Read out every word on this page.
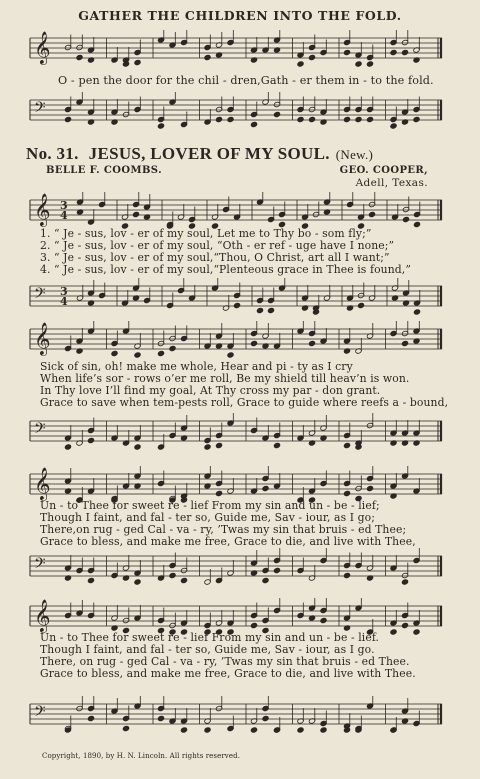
GATHER THE CHILDREN INTO THE FOLD.
𝄞
O - pen the door for the chil - dren,Gath - er them in - to the fold.
𝄢
No. 31. JESUS, LOVER OF MY SOUL. (New.)
BELLE F. COOMBS.	GEO. COOPER,
Adell, Texas.
𝄞 3
4
1. “ Je - sus, lov - er of my soul, Let me to Thy bo - som fly;”
2. “ Je - sus, lov - er of my soul, “Oth - er ref - uge have I none;”
3. “ Je - sus, lov - er of my soul,“Thou, O Christ, art all I want;”
4. “ Je - sus, lov - er of my soul,“Plenteous grace in Thee is found,”
𝄢 3
4
𝄞
Sick of sin, oh! make me whole, Hear and pi - ty as I cry
When life’s sor - rows o’er me roll, Be my shield till heav’n is won.
In Thy love I’ll find my goal, At Thy cross my par - don grant.
Grace to save when tem-pests roll, Grace to guide where reefs a - bound,
𝄢
𝄞
Un - to Thee for sweet re - lief From my sin and un - be - lief;
Though I faint, and fal - ter so, Guide me, Sav - iour, as I go;
There,on rug - ged Cal - va - ry, ’Twas my sin that bruis - ed Thee;
Grace to bless, and make me free, Grace to die, and live with Thee,
𝄢
𝄞
Un - to Thee for sweet re - lief From my sin and un - be - lief.
Though I faint, and fal - ter so, Guide me, Sav - iour, as I go.
There, on rug - ged Cal - va - ry, ’Twas my sin that bruis - ed Thee.
Grace to bless, and make me free, Grace to die, and live with Thee.
𝄢
Copyright, 1890, by H. N. Lincoln. All rights reserved.
